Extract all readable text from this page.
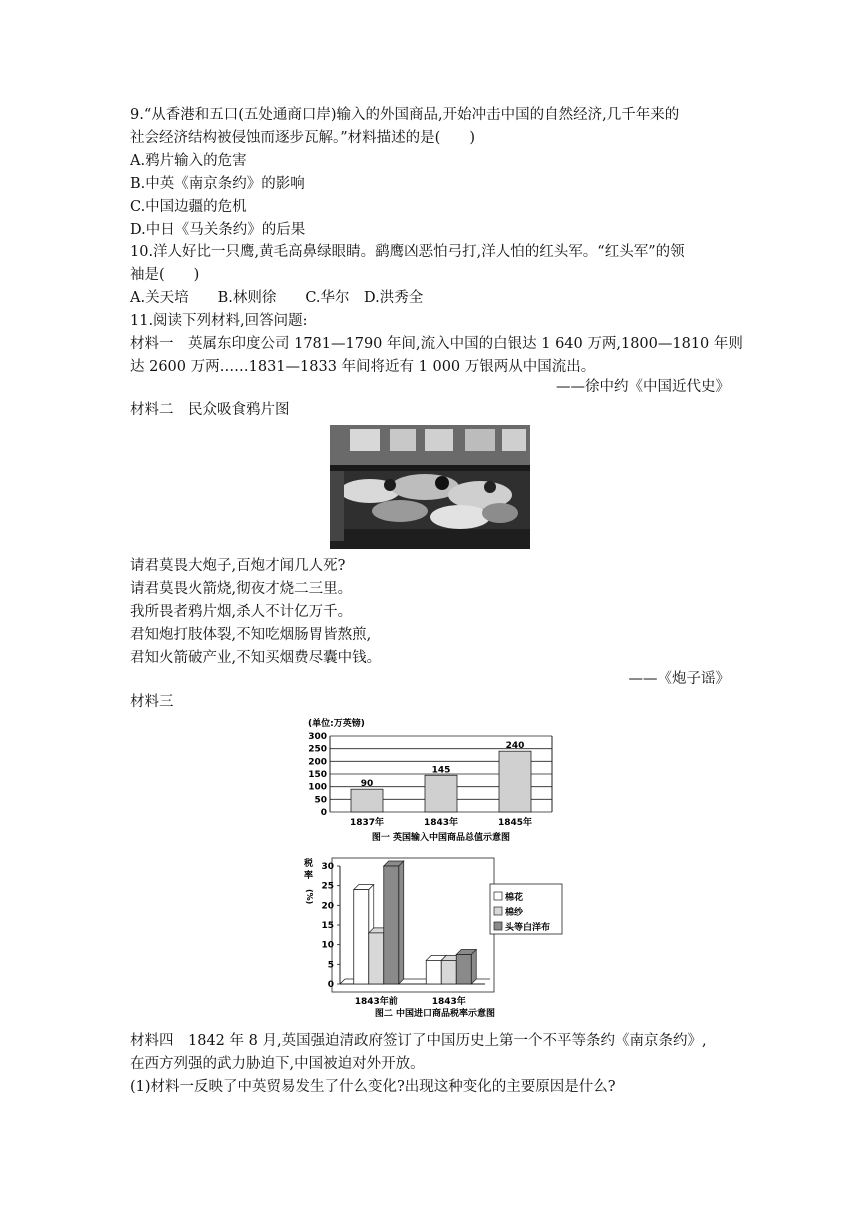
9.“从香港和五口(五处通商口岸)输入的外国商品,开始冲击中国的自然经济,几千年来的
社会经济结构被侵蚀而逐步瓦解。”材料描述的是(　　)
A.鸦片输入的危害
B.中英《南京条约》的影响
C.中国边疆的危机
D.中日《马关条约》的后果
10.洋人好比一只鹰,黄毛高鼻绿眼睛。鹞鹰凶恶怕弓打,洋人怕的红头军。“红头军”的领
袖是(　　)
A.关天培　　B.林则徐　　C.华尔　D.洪秀全
11.阅读下列材料,回答问题:
材料一　英属东印度公司 1781—1790 年间,流入中国的白银达 1 640 万两,1800—1810 年则
达 2600 万两……1831—1833 年间将近有 1 000 万银两从中国流出。
——徐中约《中国近代史》
材料二　民众吸食鸦片图
请君莫畏大炮子,百炮才闻几人死?
请君莫畏火箭烧,彻夜才烧二三里。
我所畏者鸦片烟,杀人不计亿万千。
君知炮打肢体裂,不知吃烟肠胃皆熬煎,
君知火箭破产业,不知买烟费尽囊中钱。
——《炮子谣》
材料三
(单位:万英镑)
0
50
100
150
200
250
300
90
1837年
145
1843年
240
1845年
图一 英国输入中国商品总值示意图
税
率
(%)
0
5
10
15
20
25
30
1843年前	1843年
棉花
棉纱
头等白洋布
图二 中国进口商品税率示意图
材料四　1842 年 8 月,英国强迫清政府签订了中国历史上第一个不平等条约《南京条约》,
在西方列强的武力胁迫下,中国被迫对外开放。
(1)材料一反映了中英贸易发生了什么变化?出现这种变化的主要原因是什么?
